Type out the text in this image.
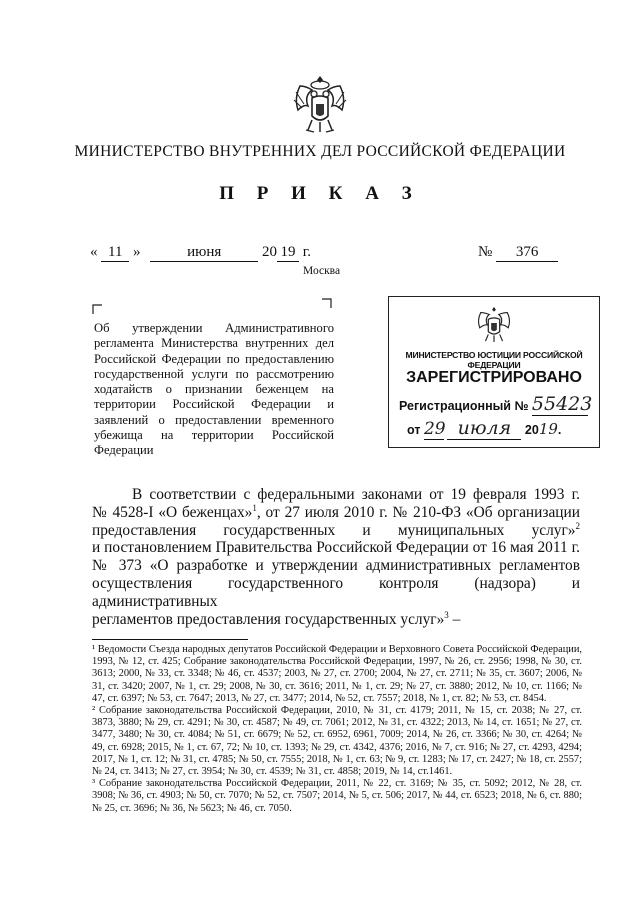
МИНИСТЕРСТВО ВНУТРЕННИХ ДЕЛ РОССИЙСКОЙ ФЕДЕРАЦИИ
П Р И К А З
« 11 »	июня	20 19 г.
Москва
№ 376
Об утверждении Административного регламента Министерства внутренних дел Российской Федерации по предоставлению государственной услуги по рассмотрению ходатайств о признании беженцем на территории Российской Федерации и заявлений о предоставлении временного убежища на территории Российской Федерации
МИНИСТЕРСТВО ЮСТИЦИИ РОССИЙСКОЙ ФЕДЕРАЦИИ
ЗАРЕГИСТРИРОВАНО
Регистрационный № 55423
от 29 июля 2019.

В соответствии с федеральными законами от 19 февраля 1993 г.

№ 4528-I «О беженцах»$^1$, от 27 июля 2010 г. № 210-ФЗ «Об организации

предоставления государственных и муниципальных услуг»$^2$

и постановлением Правительства Российской Федерации от 16 мая 2011 г.

№ 373 «О разработке и утверждении административных регламентов

осуществления государственного контроля (надзора) и административных

регламентов предоставления государственных услуг»$^3$ –

¹ Ведомости Съезда народных депутатов Российской Федерации и Верховного Совета Российской Федерации, 1993, № 12, ст. 425; Собрание законодательства Российской Федерации, 1997, № 26, ст. 2956; 1998, № 30, ст. 3613; 2000, № 33, ст. 3348; № 46, ст. 4537; 2003, № 27, ст. 2700; 2004, № 27, ст. 2711; № 35, ст. 3607; 2006, № 31, ст. 3420; 2007, № 1, ст. 29; 2008, № 30, ст. 3616; 2011, № 1, ст. 29; № 27, ст. 3880; 2012, № 10, ст. 1166; № 47, ст. 6397; № 53, ст. 7647; 2013, № 27, ст. 3477; 2014, № 52, ст. 7557; 2018, № 1, ст. 82; № 53, ст. 8454.

² Собрание законодательства Российской Федерации, 2010, № 31, ст. 4179; 2011, № 15, ст. 2038; № 27, ст. 3873, 3880; № 29, ст. 4291; № 30, ст. 4587; № 49, ст. 7061; 2012, № 31, ст. 4322; 2013, № 14, ст. 1651; № 27, ст. 3477, 3480; № 30, ст. 4084; № 51, ст. 6679; № 52, ст. 6952, 6961, 7009; 2014, № 26, ст. 3366; № 30, ст. 4264; № 49, ст. 6928; 2015, № 1, ст. 67, 72; № 10, ст. 1393; № 29, ст. 4342, 4376; 2016, № 7, ст. 916; № 27, ст. 4293, 4294; 2017, № 1, ст. 12; № 31, ст. 4785; № 50, ст. 7555; 2018, № 1, ст. 63; № 9, ст. 1283; № 17, ст. 2427; № 18, ст. 2557; № 24, ст. 3413; № 27, ст. 3954; № 30, ст. 4539; № 31, ст. 4858; 2019, № 14, ст.1461.

³ Собрание законодательства Российской Федерации, 2011, № 22, ст. 3169; № 35, ст. 5092; 2012, № 28, ст. 3908; № 36, ст. 4903; № 50, ст. 7070; № 52, ст. 7507; 2014, № 5, ст. 506; 2017, № 44, ст. 6523; 2018, № 6, ст. 880; № 25, ст. 3696; № 36, № 5623; № 46, ст. 7050.
